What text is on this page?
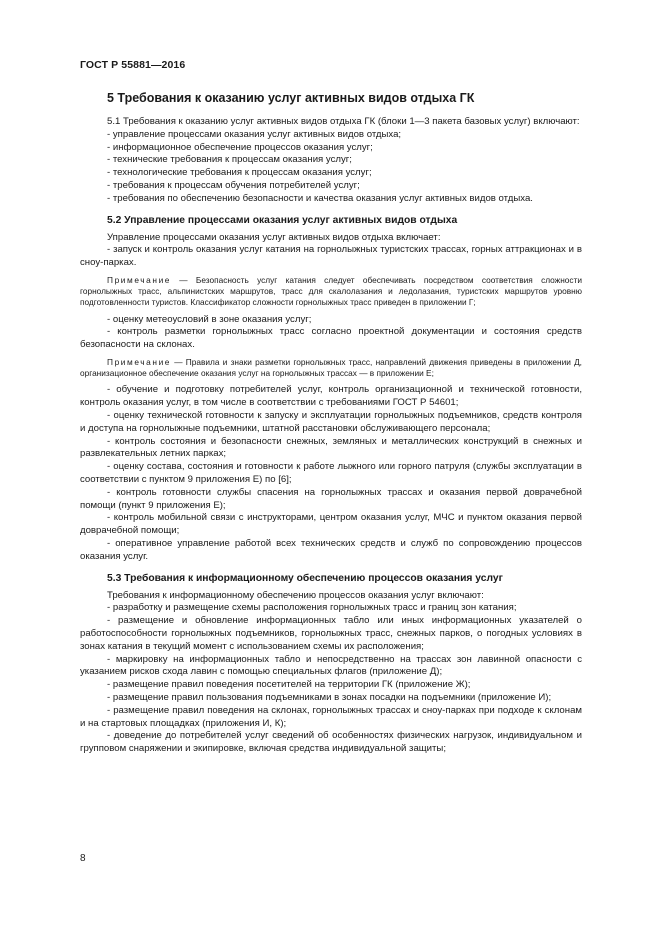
ГОСТ Р 55881—2016
5 Требования к оказанию услуг активных видов отдыха ГК

5.1 Требования к оказанию услуг активных видов отдыха ГК (блоки 1—3 пакета базовых услуг) включают:

- управление процессами оказания услуг активных видов отдыха;

- информационное обеспечение процессов оказания услуг;

- технические требования к процессам оказания услуг;

- технологические требования к процессам оказания услуг;

- требования к процессам обучения потребителей услуг;

- требования по обеспечению безопасности и качества оказания услуг активных видов отдыха.

5.2 Управление процессами оказания услуг активных видов отдыха

Управление процессами оказания услуг активных видов отдыха включает:

- запуск и контроль оказания услуг катания на горнолыжных туристских трассах, горных аттракционах и в сноу-парках.

Примечание — Безопасность услуг катания следует обеспечивать посредством соответствия сложности горнолыжных трасс, альпинистских маршрутов, трасс для скалолазания и ледолазания, туристских маршрутов уровню подготовленности туристов. Классификатор сложности горнолыжных трасс приведен в приложении Г;

- оценку метеоусловий в зоне оказания услуг;

- контроль разметки горнолыжных трасс согласно проектной документации и состояния средств безопасности на склонах.

Примечание — Правила и знаки разметки горнолыжных трасс, направлений движения приведены в приложении Д, организационное обеспечение оказания услуг на горнолыжных трассах — в приложении Е;

- обучение и подготовку потребителей услуг, контроль организационной и технической готовности, контроль оказания услуг, в том числе в соответствии с требованиями ГОСТ Р 54601;

- оценку технической готовности к запуску и эксплуатации горнолыжных подъемников, средств контроля и доступа на горнолыжные подъемники, штатной расстановки обслуживающего персонала;

- контроль состояния и безопасности снежных, земляных и металлических конструкций в снежных и развлекательных летних парках;

- оценку состава, состояния и готовности к работе лыжного или горного патруля (службы эксплуатации в соответствии с пунктом 9 приложения Е) по [6];

- контроль готовности службы спасения на горнолыжных трассах и оказания первой доврачебной помощи (пункт 9 приложения Е);

- контроль мобильной связи с инструкторами, центром оказания услуг, МЧС и пунктом оказания первой доврачебной помощи;

- оперативное управление работой всех технических средств и служб по сопровождению процессов оказания услуг.

5.3 Требования к информационному обеспечению процессов оказания услуг

Требования к информационному обеспечению процессов оказания услуг включают:

- разработку и размещение схемы расположения горнолыжных трасс и границ зон катания;

- размещение и обновление информационных табло или иных информационных указателей о работоспособности горнолыжных подъемников, горнолыжных трасс, снежных парков, о погодных условиях в зонах катания в текущий момент с использованием схемы их расположения;

- маркировку на информационных табло и непосредственно на трассах зон лавинной опасности с указанием рисков схода лавин с помощью специальных флагов (приложение Д);

- размещение правил поведения посетителей на территории ГК (приложение Ж);

- размещение правил пользования подъемниками в зонах посадки на подъемники (приложение И);

- размещение правил поведения на склонах, горнолыжных трассах и сноу-парках при подходе к склонам и на стартовых площадках (приложения И, К);

- доведение до потребителей услуг сведений об особенностях физических нагрузок, индивидуальном и групповом снаряжении и экипировке, включая средства индивидуальной защиты;

8
